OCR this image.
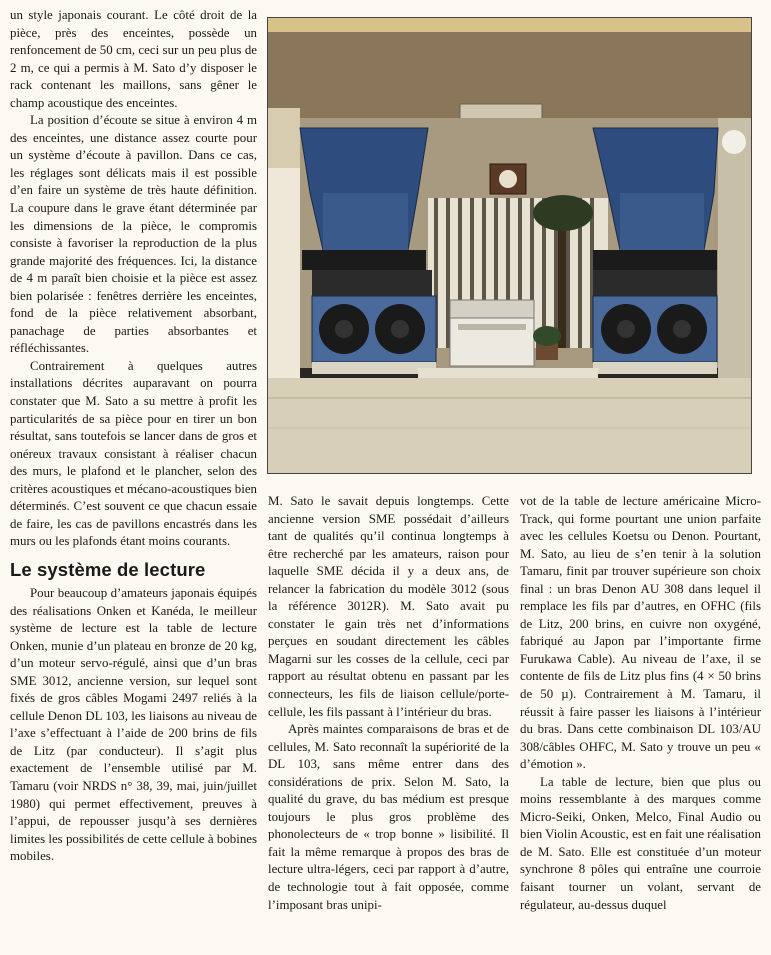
un style japonais courant. Le côté droit de la pièce, près des enceintes, possède un renfoncement de 50 cm, ceci sur un peu plus de 2 m, ce qui a permis à M. Sato d’y disposer le rack contenant les maillons, sans gêner le champ acoustique des enceintes.

La position d’écoute se situe à environ 4 m des enceintes, une distance assez courte pour un système d’écoute à pavillon. Dans ce cas, les réglages sont délicats mais il est possible d’en faire un système de très haute définition. La coupure dans le grave étant déterminée par les dimensions de la pièce, le compromis consiste à favoriser la reproduction de la plus grande majorité des fréquences. Ici, la distance de 4 m paraît bien choisie et la pièce est assez bien polarisée : fenêtres derrière les enceintes, fond de la pièce relativement absorbant, panachage de parties absorbantes et réfléchissantes.

Contrairement à quelques autres installations décrites auparavant on pourra constater que M. Sato a su mettre à profit les particularités de sa pièce pour en tirer un bon résultat, sans toutefois se lancer dans de gros et onéreux travaux consistant à réaliser chacun des murs, le plafond et le plancher, selon des critères acoustiques et mécano-acoustiques bien déterminés. C’est souvent ce que chacun essaie de faire, les cas de pavillons encastrés dans les murs ou les plafonds étant moins courants.

Le système de lecture

Pour beaucoup d’amateurs japonais équipés des réalisations Onken et Kanéda, le meilleur système de lecture est la table de lecture Onken, munie d’un plateau en bronze de 20 kg, d’un moteur servo-régulé, ainsi que d’un bras SME 3012, ancienne version, sur lequel sont fixés de gros câbles Mogami 2497 reliés à la cellule Denon DL 103, les liaisons au niveau de l’axe s’effectuant à l’aide de 200 brins de fils de Litz (par conducteur). Il s’agit plus exactement de l’ensemble utilisé par M. Tamaru (voir NRDS n° 38, 39, mai, juin/juillet 1980) qui permet effectivement, preuves à l’appui, de repousser jusqu’à ses dernières limites les possibilités de cette cellule à bobines mobiles.

M. Sato le savait depuis longtemps. Cette ancienne version SME possédait d’ailleurs tant de qualités qu’il continua longtemps à être recherché par les amateurs, raison pour laquelle SME décida il y a deux ans, de relancer la fabrication du modèle 3012 (sous la référence 3012R). M. Sato avait pu constater le gain très net d’informations perçues en soudant directement les câbles Magarni sur les cosses de la cellule, ceci par rapport au résultat obtenu en passant par les connecteurs, les fils de liaison cellule/porte-cellule, les fils passant à l’intérieur du bras.

Après maintes comparaisons de bras et de cellules, M. Sato reconnaît la supériorité de la DL 103, sans même entrer dans des considérations de prix. Selon M. Sato, la qualité du grave, du bas médium est presque toujours le plus gros problème des phonolecteurs de « trop bonne » lisibilité. Il fait la même remarque à propos des bras de lecture ultra-légers, ceci par rapport à d’autre, de technologie tout à fait opposée, comme l’imposant bras unipi-

vot de la table de lecture américaine Micro-Track, qui forme pourtant une union parfaite avec les cellules Koetsu ou Denon. Pourtant, M. Sato, au lieu de s’en tenir à la solution Tamaru, finit par trouver supérieure son choix final : un bras Denon AU 308 dans lequel il remplace les fils par d’autres, en OFHC (fils de Litz, 200 brins, en cuivre non oxygéné, fabriqué au Japon par l’importante firme Furukawa Cable). Au niveau de l’axe, il se contente de fils de Litz plus fins (4 × 50 brins de 50 µ). Contrairement à M. Tamaru, il réussit à faire passer les liaisons à l’intérieur du bras. Dans cette combinaison DL 103/AU 308/câbles OHFC, M. Sato y trouve un peu « d’émotion ».

La table de lecture, bien que plus ou moins ressemblante à des marques comme Micro-Seiki, Onken, Melco, Final Audio ou bien Violin Acoustic, est en fait une réalisation de M. Sato. Elle est constituée d’un moteur synchrone 8 pôles qui entraîne une courroie faisant tourner un volant, servant de régulateur, au-dessus duquel
